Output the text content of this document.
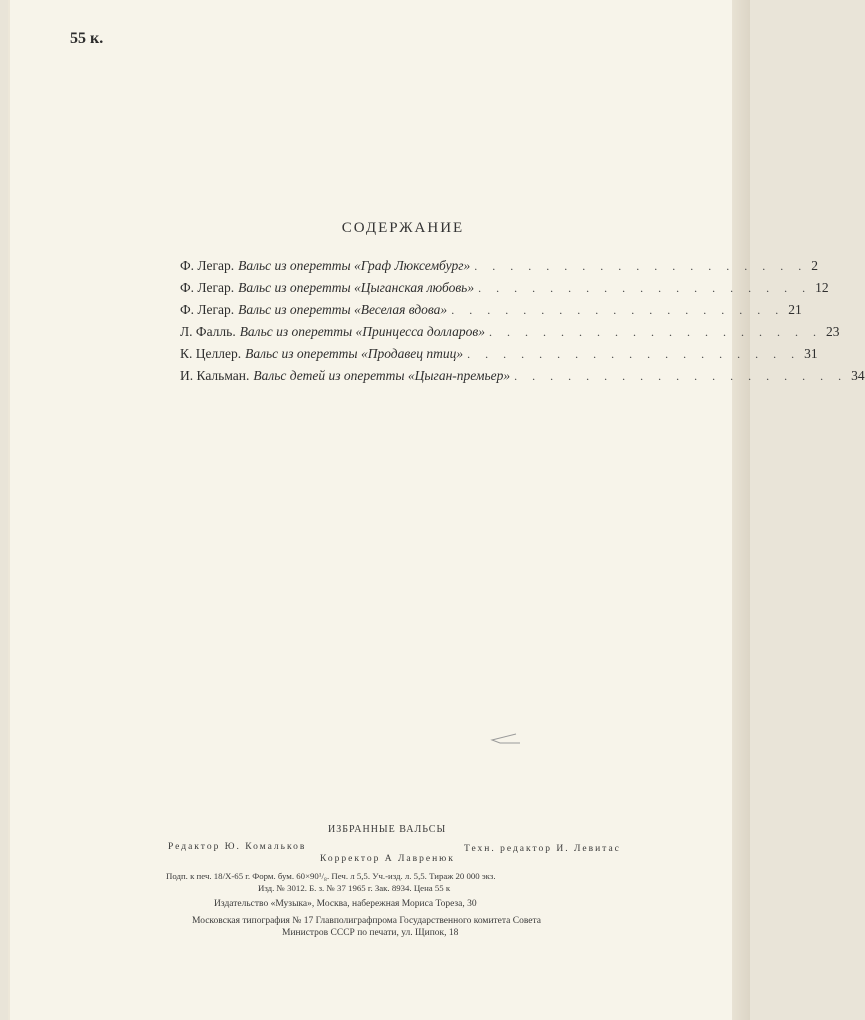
55 к.
СОДЕРЖАНИЕ
Ф. Легар. Вальс из оперетты «Граф Люксембург» . . . . . . . . . . . . . . . . . . . 2
Ф. Легар. Вальс из оперетты «Цыганская любовь» . . . . . . . . . . . . . . . . . . . 12
Ф. Легар. Вальс из оперетты «Веселая вдова» . . . . . . . . . . . . . . . . . . . 21
Л. Фалль. Вальс из оперетты «Принцесса долларов» . . . . . . . . . . . . . . . . . . . 23
К. Целлер. Вальс из оперетты «Продавец птиц» . . . . . . . . . . . . . . . . . . . 31
И. Кальман. Вальс детей из оперетты «Цыган-премьер» . . . . . . . . . . . . . . . . . . . 34
ИЗБРАННЫЕ ВАЛЬСЫ
Редактор Ю. Комальков	Техн. редактор И. Левитас
Корректор А Лавренюк
Подп. к печ. 18/X-65 г. Форм. бум. 60×90¹/₈. Печ. л 5,5. Уч.-изд. л. 5,5. Тираж 20 000 экз.
Изд. № 3012. Б. з. № 37 1965 г. Зак. 8934. Цена 55 к
Издательство «Музыка», Москва, набережная Мориса Тореза, 30
Московская типография № 17 Главполиграфпрома Государственного комитета Совета
Министров СССР по печати, ул. Щипок, 18
